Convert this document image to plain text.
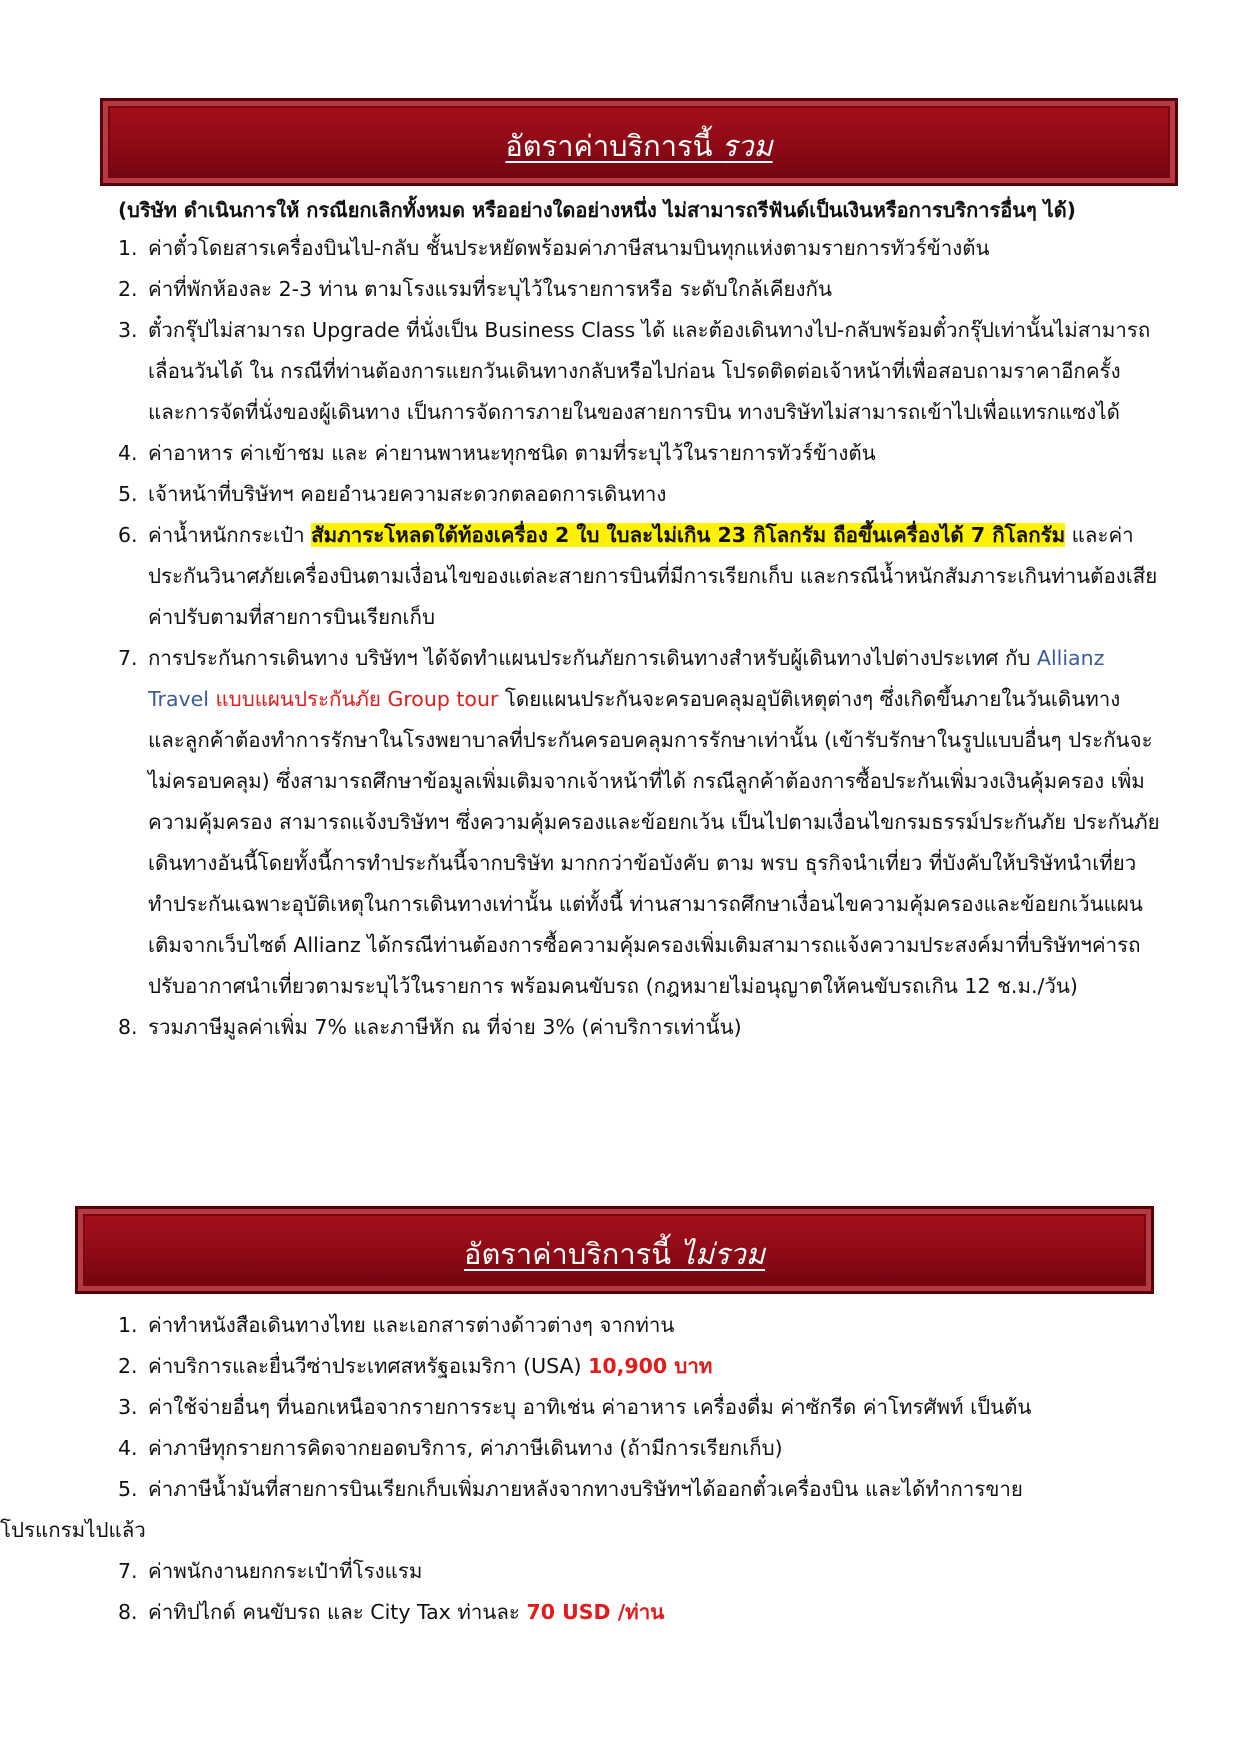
อัตราค่าบริการนี้ รวม
(บริษัท ดำเนินการให้ กรณียกเลิกทั้งหมด หรืออย่างใดอย่างหนึ่ง ไม่สามารถรีฟันด์เป็นเงินหรือการบริการอื่นๆ ได้)
1. ค่าตั๋วโดยสารเครื่องบินไป-กลับ ชั้นประหยัดพร้อมค่าภาษีสนามบินทุกแห่งตามรายการทัวร์ข้างต้น
2. ค่าที่พักห้องละ 2-3 ท่าน ตามโรงแรมที่ระบุไว้ในรายการหรือ ระดับใกล้เคียงกัน
3. ตั๋วกรุ๊ปไม่สามารถ Upgrade ที่นั่งเป็น Business Class ได้ และต้องเดินทางไป-กลับพร้อมตั๋วกรุ๊ปเท่านั้นไม่สามารถเลื่อนวันได้ ใน กรณีที่ท่านต้องการแยกวันเดินทางกลับหรือไปก่อน โปรดติดต่อเจ้าหน้าที่เพื่อสอบถามราคาอีกครั้ง และการจัดที่นั่งของผู้เดินทาง เป็นการจัดการภายในของสายการบิน ทางบริษัทไม่สามารถเข้าไปเพื่อแทรกแซงได้
4. ค่าอาหาร ค่าเข้าชม และ ค่ายานพาหนะทุกชนิด ตามที่ระบุไว้ในรายการทัวร์ข้างต้น
5. เจ้าหน้าที่บริษัทฯ คอยอำนวยความสะดวกตลอดการเดินทาง
6. ค่าน้ำหนักกระเป๋า สัมภาระโหลดใต้ท้องเครื่อง 2 ใบ ใบละไม่เกิน 23 กิโลกรัม ถือขึ้นเครื่องได้ 7 กิโลกรัม และค่าประกันวินาศภัยเครื่องบินตามเงื่อนไขของแต่ละสายการบินที่มีการเรียกเก็บ และกรณีน้ำหนักสัมภาระเกินท่านต้องเสียค่าปรับตามที่สายการบินเรียกเก็บ
7. การประกันการเดินทาง บริษัทฯ ได้จัดทำแผนประกันภัยการเดินทางสำหรับผู้เดินทางไปต่างประเทศ กับ Allianz Travel แบบแผนประกันภัย Group tour โดยแผนประกันจะครอบคลุมอุบัติเหตุต่างๆ ซึ่งเกิดขึ้นภายในวันเดินทาง และลูกค้าต้องทำการรักษาในโรงพยาบาลที่ประกันครอบคลุมการรักษาเท่านั้น (เข้ารับรักษาในรูปแบบอื่นๆ ประกันจะไม่ครอบคลุม) ซึ่งสามารถศึกษาข้อมูลเพิ่มเติมจากเจ้าหน้าที่ได้ กรณีลูกค้าต้องการซื้อประกันเพิ่มวงเงินคุ้มครอง เพิ่มความคุ้มครอง สามารถแจ้งบริษัทฯ ซึ่งความคุ้มครองและข้อยกเว้น เป็นไปตามเงื่อนไขกรมธรรม์ประกันภัย ประกันภัยเดินทางอันนี้โดยทั้งนี้การทำประกันนี้จากบริษัท มากกว่าข้อบังคับ ตาม พรบ ธุรกิจนำเที่ยว ที่บังคับให้บริษัทนำเที่ยว ทำประกันเฉพาะอุบัติเหตุในการเดินทางเท่านั้น แต่ทั้งนี้ ท่านสามารถศึกษาเงื่อนไขความคุ้มครองและข้อยกเว้นแผนเติมจากเว็บไซต์ Allianz ได้กรณีท่านต้องการซื้อความคุ้มครองเพิ่มเติมสามารถแจ้งความประสงค์มาที่บริษัทฯค่ารถปรับอากาศนำเที่ยวตามระบุไว้ในรายการ พร้อมคนขับรถ (กฎหมายไม่อนุญาตให้คนขับรถเกิน 12 ช.ม./วัน)
8. รวมภาษีมูลค่าเพิ่ม 7% และภาษีหัก ณ ที่จ่าย 3% (ค่าบริการเท่านั้น)
อัตราค่าบริการนี้ ไม่รวม
1. ค่าทำหนังสือเดินทางไทย และเอกสารต่างด้าวต่างๆ จากท่าน
2. ค่าบริการและยื่นวีซ่าประเทศสหรัฐอเมริกา (USA) 10,900 บาท
3. ค่าใช้จ่ายอื่นๆ ที่นอกเหนือจากรายการระบุ อาทิเช่น ค่าอาหาร เครื่องดื่ม ค่าซักรีด ค่าโทรศัพท์ เป็นต้น
4. ค่าภาษีทุกรายการคิดจากยอดบริการ, ค่าภาษีเดินทาง (ถ้ามีการเรียกเก็บ)
5. ค่าภาษีน้ำมันที่สายการบินเรียกเก็บเพิ่มภายหลังจากทางบริษัทฯได้ออกตั๋วเครื่องบิน และได้ทำการขาย
โปรแกรมไปแล้ว
7. ค่าพนักงานยกกระเป๋าที่โรงแรม
8. ค่าทิปไกด์ คนขับรถ และ City Tax ท่านละ 70 USD /ท่าน
